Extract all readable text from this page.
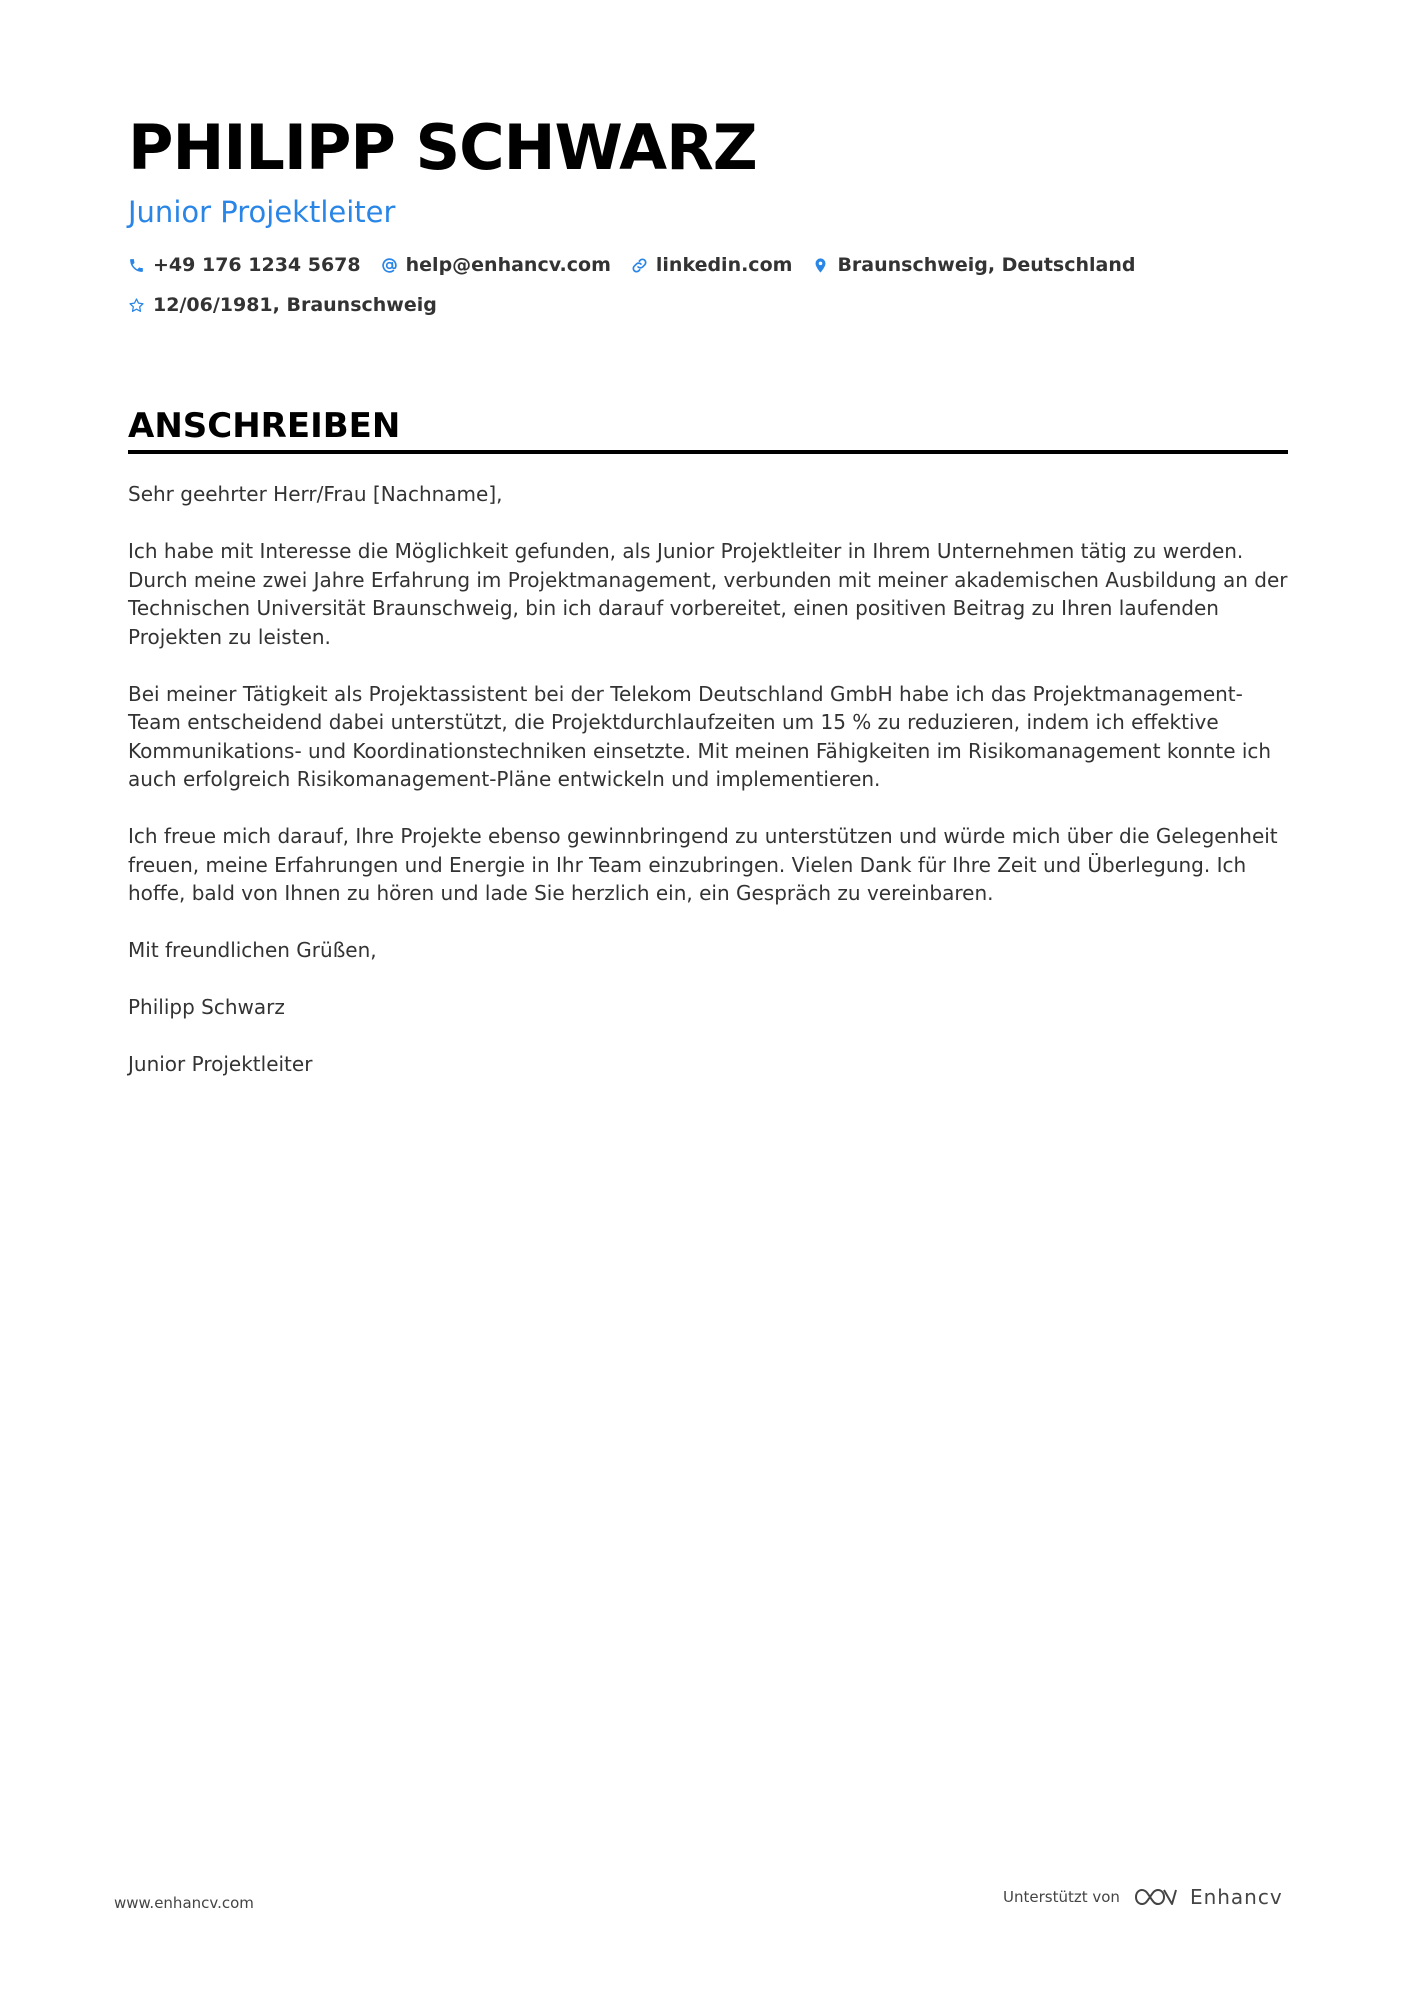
PHILIPP SCHWARZ
Junior Projektleiter
+49 176 1234 5678 help@enhancv.com linkedin.com Braunschweig, Deutschland
12/06/1981, Braunschweig
ANSCHREIBEN

Sehr geehrter Herr/Frau [Nachname],

Ich habe mit Interesse die Möglichkeit gefunden, als Junior Projektleiter in Ihrem Unternehmen tätig zu werden. Durch meine zwei Jahre Erfahrung im Projektmanagement, verbunden mit meiner akademischen Ausbildung an der Technischen Universität Braunschweig, bin ich darauf vorbereitet, einen positiven Beitrag zu Ihren laufenden Projekten zu leisten.

Bei meiner Tätigkeit als Projektassistent bei der Telekom Deutschland GmbH habe ich das Projektmanagement-Team entscheidend dabei unterstützt, die Projektdurchlaufzeiten um 15 % zu reduzieren, indem ich effektive Kommunikations- und Koordinationstechniken einsetzte. Mit meinen Fähigkeiten im Risikomanagement konnte ich auch erfolgreich Risikomanagement-Pläne entwickeln und implementieren.

Ich freue mich darauf, Ihre Projekte ebenso gewinnbringend zu unterstützen und würde mich über die Gelegenheit freuen, meine Erfahrungen und Energie in Ihr Team einzubringen. Vielen Dank für Ihre Zeit und Überlegung. Ich hoffe, bald von Ihnen zu hören und lade Sie herzlich ein, ein Gespräch zu vereinbaren.

Mit freundlichen Grüßen,

Philipp Schwarz

Junior Projektleiter

www.enhancv.com	Unterstützt von	Enhancv
